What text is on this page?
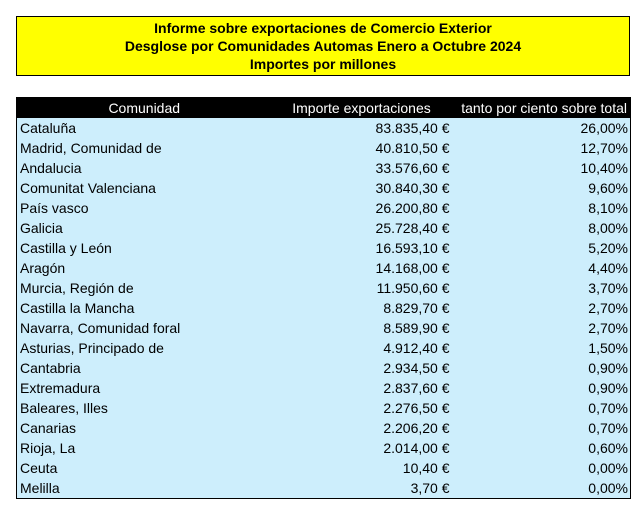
Informe sobre exportaciones de Comercio Exterior
Desglose por Comunidades Automas Enero a Octubre 2024
Importes por millones
Comunidad	Importe exportaciones	tanto por ciento sobre total
Cataluña	83.835,40 €	26,00%
Madrid, Comunidad de	40.810,50 €	12,70%
Andalucia	33.576,60 €	10,40%
Comunitat Valenciana	30.840,30 €	9,60%
País vasco	26.200,80 €	8,10%
Galicia	25.728,40 €	8,00%
Castilla y León	16.593,10 €	5,20%
Aragón	14.168,00 €	4,40%
Murcia, Región de	11.950,60 €	3,70%
Castilla la Mancha	8.829,70 €	2,70%
Navarra, Comunidad foral	8.589,90 €	2,70%
Asturias, Principado de	4.912,40 €	1,50%
Cantabria	2.934,50 €	0,90%
Extremadura	2.837,60 €	0,90%
Baleares, Illes	2.276,50 €	0,70%
Canarias	2.206,20 €	0,70%
Rioja, La	2.014,00 €	0,60%
Ceuta	10,40 €	0,00%
Melilla	3,70 €	0,00%
